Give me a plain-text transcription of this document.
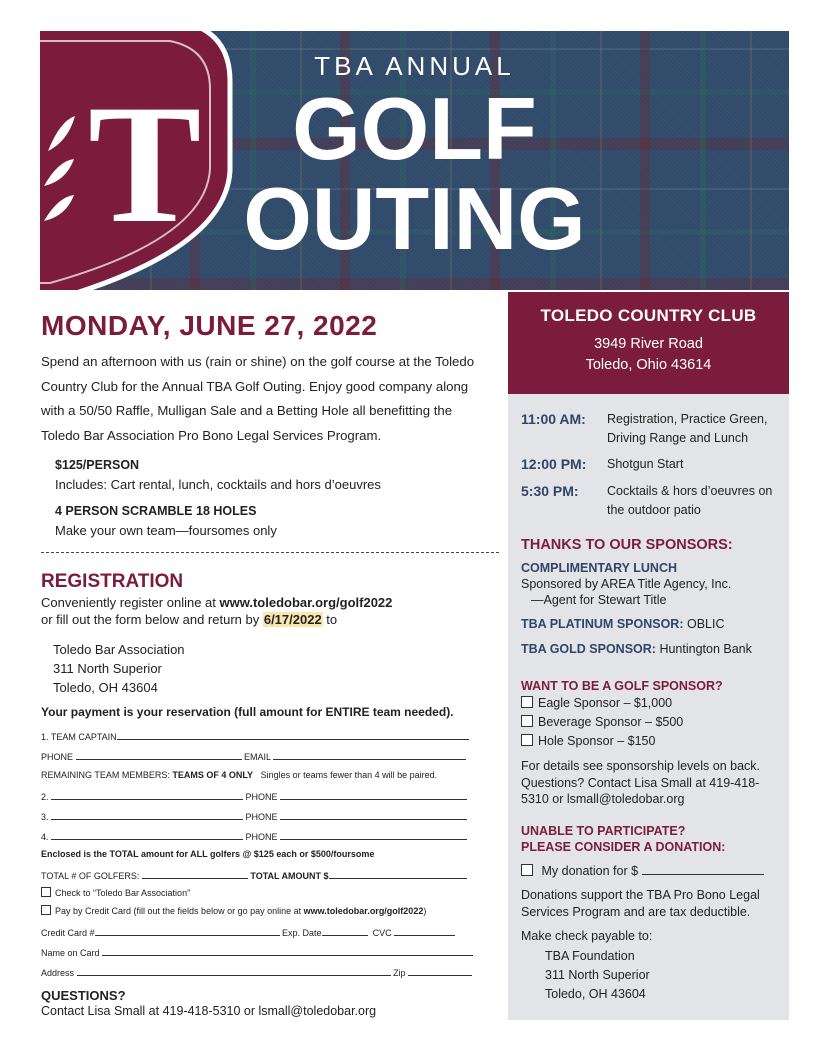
T
TBA ANNUAL
GOLF
OUTING
MONDAY, JUNE 27, 2022
Spend an afternoon with us (rain or shine) on the golf course at the Toledo Country Club for the Annual TBA Golf Outing. Enjoy good company along with a 50/50 Raffle, Mulligan Sale and a Betting Hole all benefitting the Toledo Bar Association Pro Bono Legal Services Program.
$125/PERSON
Includes: Cart rental, lunch, cocktails and hors d’oeuvres
4 PERSON SCRAMBLE 18 HOLES
Make your own team—foursomes only
REGISTRATION
Conveniently register online at www.toledobar.org/golf2022
or fill out the form below and return by 6/17/2022 to
Toledo Bar Association
311 North Superior
Toledo, OH 43604
Your payment is your reservation (full amount for ENTIRE team needed).
1. TEAM CAPTAIN
PHONE	EMAIL
REMAINING TEAM MEMBERS: TEAMS OF 4 ONLY Singles or teams fewer than 4 will be paired.
2.	PHONE
3.	PHONE
4.	PHONE
Enclosed is the TOTAL amount for ALL golfers @ $125 each or $500/foursome
TOTAL # OF GOLFERS:	TOTAL AMOUNT $
Check to “Toledo Bar Association”
Pay by Credit Card (fill out the fields below or go pay online at www.toledobar.org/golf2022)
Credit Card #	Exp. Date	CVC
Name on Card
Address	Zip
QUESTIONS?
Contact Lisa Small at 419-418-5310 or lsmall@toledobar.org
TOLEDO COUNTRY CLUB
3949 River Road
Toledo, Ohio 43614
11:00 AM: Registration, Practice Green, Driving Range and Lunch
12:00 PM: Shotgun Start
5:30 PM: Cocktails & hors d’oeuvres on the outdoor patio
THANKS TO OUR SPONSORS:
COMPLIMENTARY LUNCH
Sponsored by AREA Title Agency, Inc.
—Agent for Stewart Title
TBA PLATINUM SPONSOR: OBLIC
TBA GOLD SPONSOR: Huntington Bank
WANT TO BE A GOLF SPONSOR?
Eagle Sponsor – $1,000
Beverage Sponsor – $500
Hole Sponsor – $150
For details see sponsorship levels on back. Questions? Contact Lisa Small at 419-418-5310 or lsmall@toledobar.org
UNABLE TO PARTICIPATE?
PLEASE CONSIDER A DONATION:
My donation for $
Donations support the TBA Pro Bono Legal Services Program and are tax deductible.
Make check payable to:
TBA Foundation
311 North Superior
Toledo, OH 43604
